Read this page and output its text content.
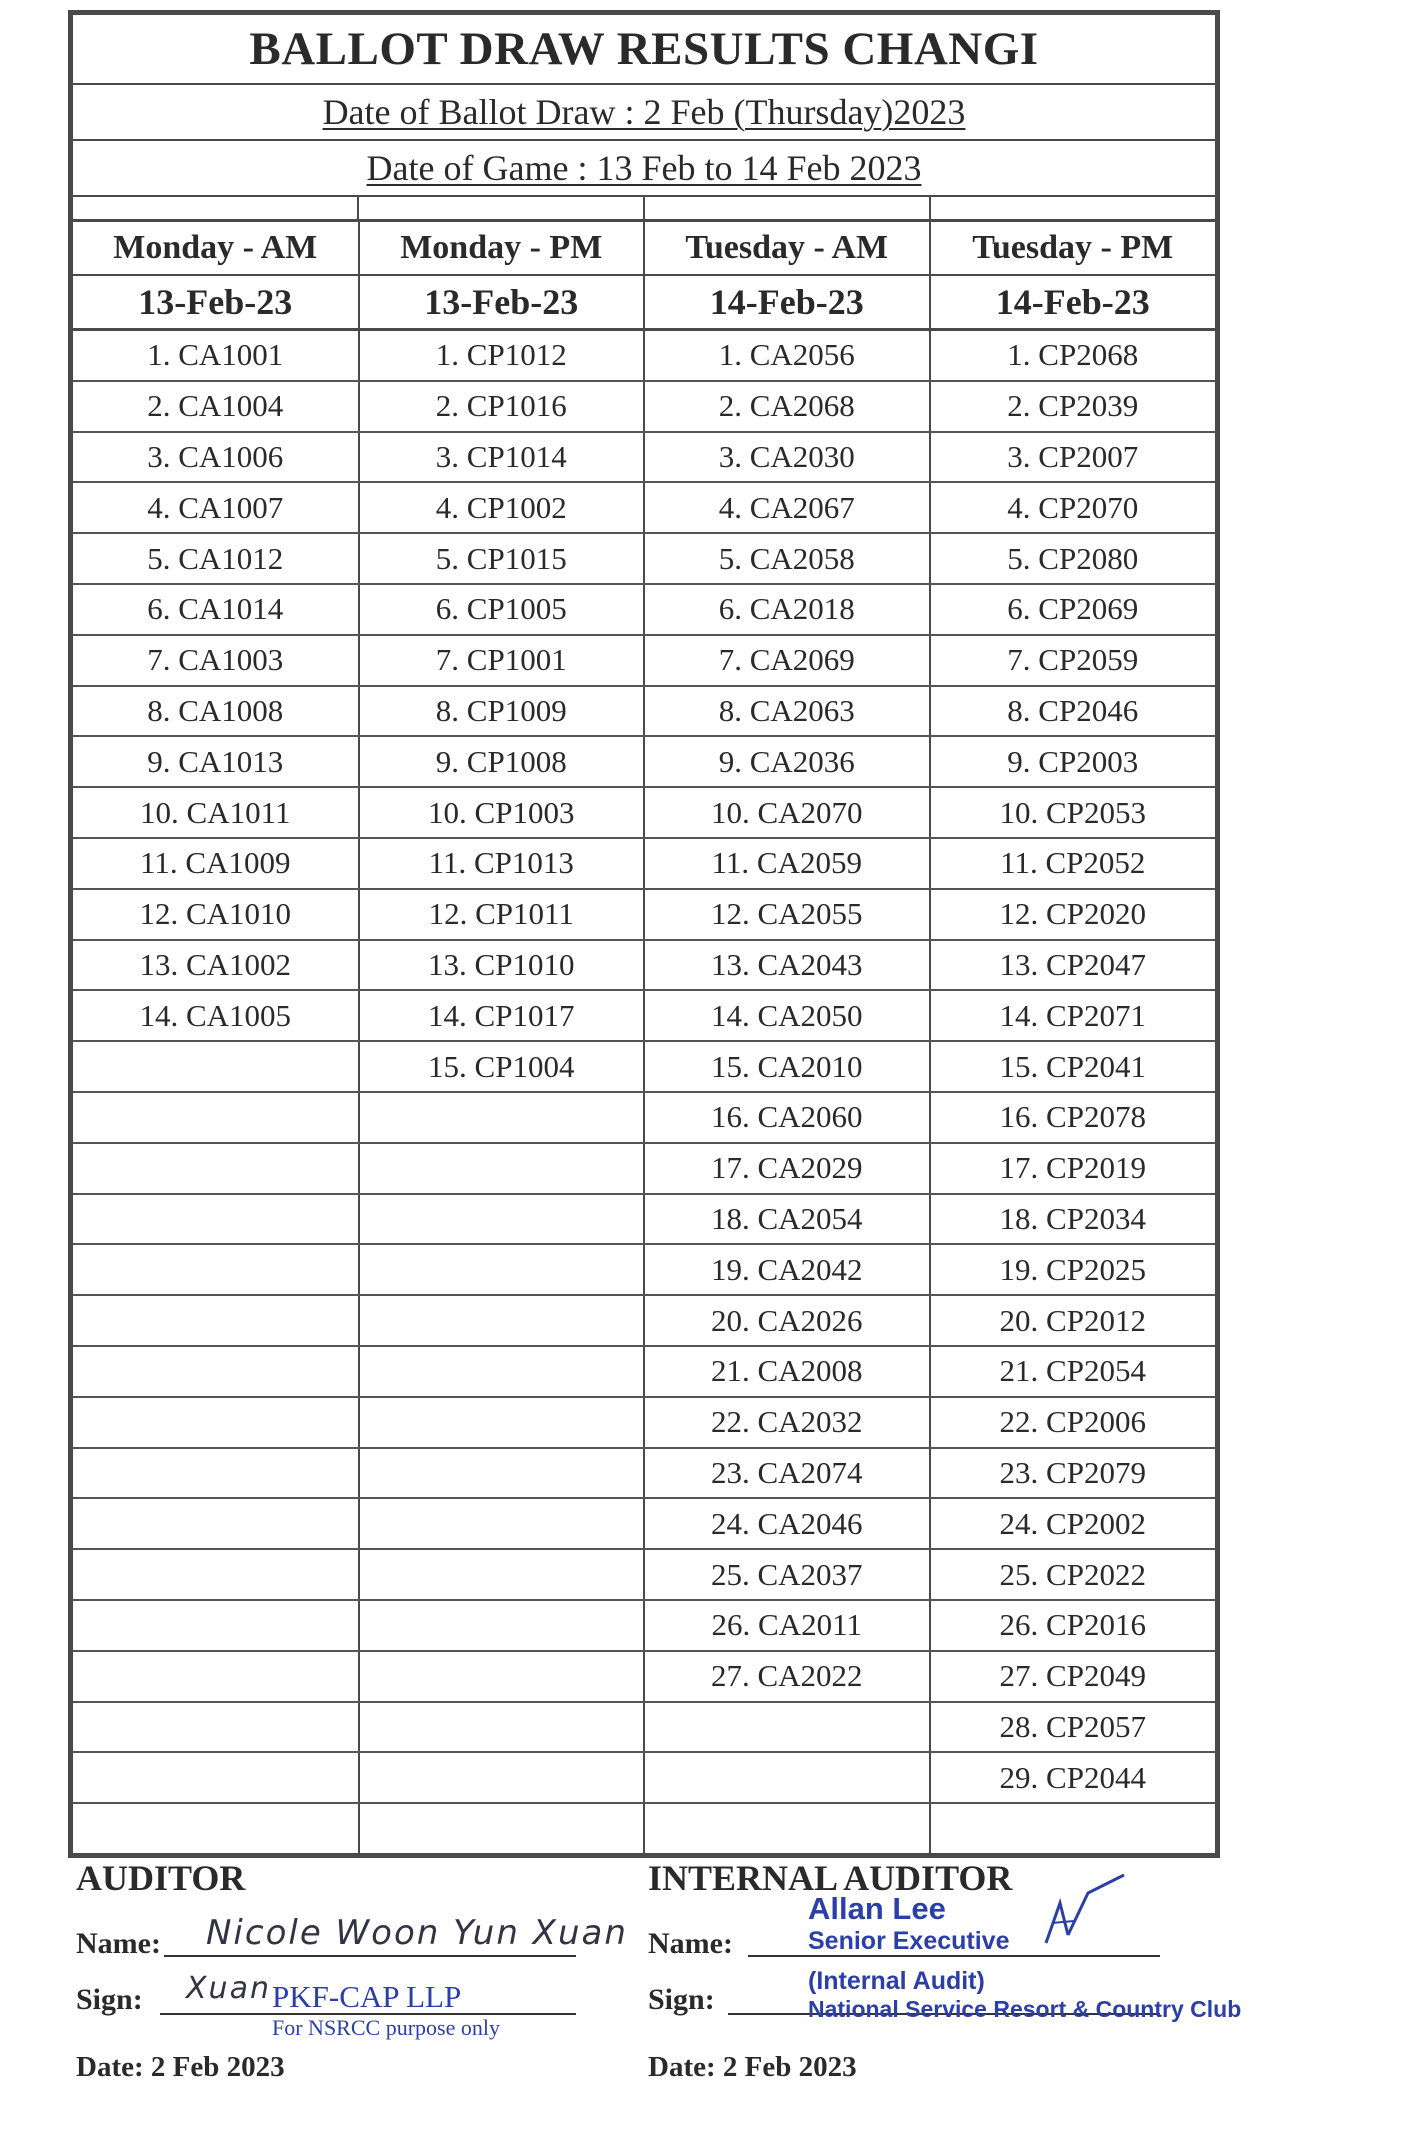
BALLOT DRAW RESULTS CHANGI
Date of Ballot Draw : 2 Feb (Thursday)2023
Date of Game : 13 Feb to 14 Feb 2023
Monday - AM	Monday - PM	Tuesday - AM	Tuesday - PM
13-Feb-23	13-Feb-23	14-Feb-23	14-Feb-23
1. CA1001	1. CP1012	1. CA2056	1. CP2068
2. CA1004	2. CP1016	2. CA2068	2. CP2039
3. CA1006	3. CP1014	3. CA2030	3. CP2007
4. CA1007	4. CP1002	4. CA2067	4. CP2070
5. CA1012	5. CP1015	5. CA2058	5. CP2080
6. CA1014	6. CP1005	6. CA2018	6. CP2069
7. CA1003	7. CP1001	7. CA2069	7. CP2059
8. CA1008	8. CP1009	8. CA2063	8. CP2046
9. CA1013	9. CP1008	9. CA2036	9. CP2003
10. CA1011	10. CP1003	10. CA2070	10. CP2053
11. CA1009	11. CP1013	11. CA2059	11. CP2052
12. CA1010	12. CP1011	12. CA2055	12. CP2020
13. CA1002	13. CP1010	13. CA2043	13. CP2047
14. CA1005	14. CP1017	14. CA2050	14. CP2071
	15. CP1004	15. CA2010	15. CP2041
		16. CA2060	16. CP2078
		17. CA2029	17. CP2019
		18. CA2054	18. CP2034
		19. CA2042	19. CP2025
		20. CA2026	20. CP2012
		21. CA2008	21. CP2054
		22. CA2032	22. CP2006
		23. CA2074	23. CP2079
		24. CA2046	24. CP2002
		25. CA2037	25. CP2022
		26. CA2011	26. CP2016
		27. CA2022	27. CP2049
			28. CP2057
			29. CP2044

AUDITOR
Name: Nicole Woon Yun Xuan
Sign: Xuan PKF-CAP LLP
For NSRCC purpose only
Date: 2 Feb 2023
INTERNAL AUDITOR
Name:
Allan Lee
Senior Executive
Sign:
(Internal Audit)
National Service Resort & Country Club
Date: 2 Feb 2023
